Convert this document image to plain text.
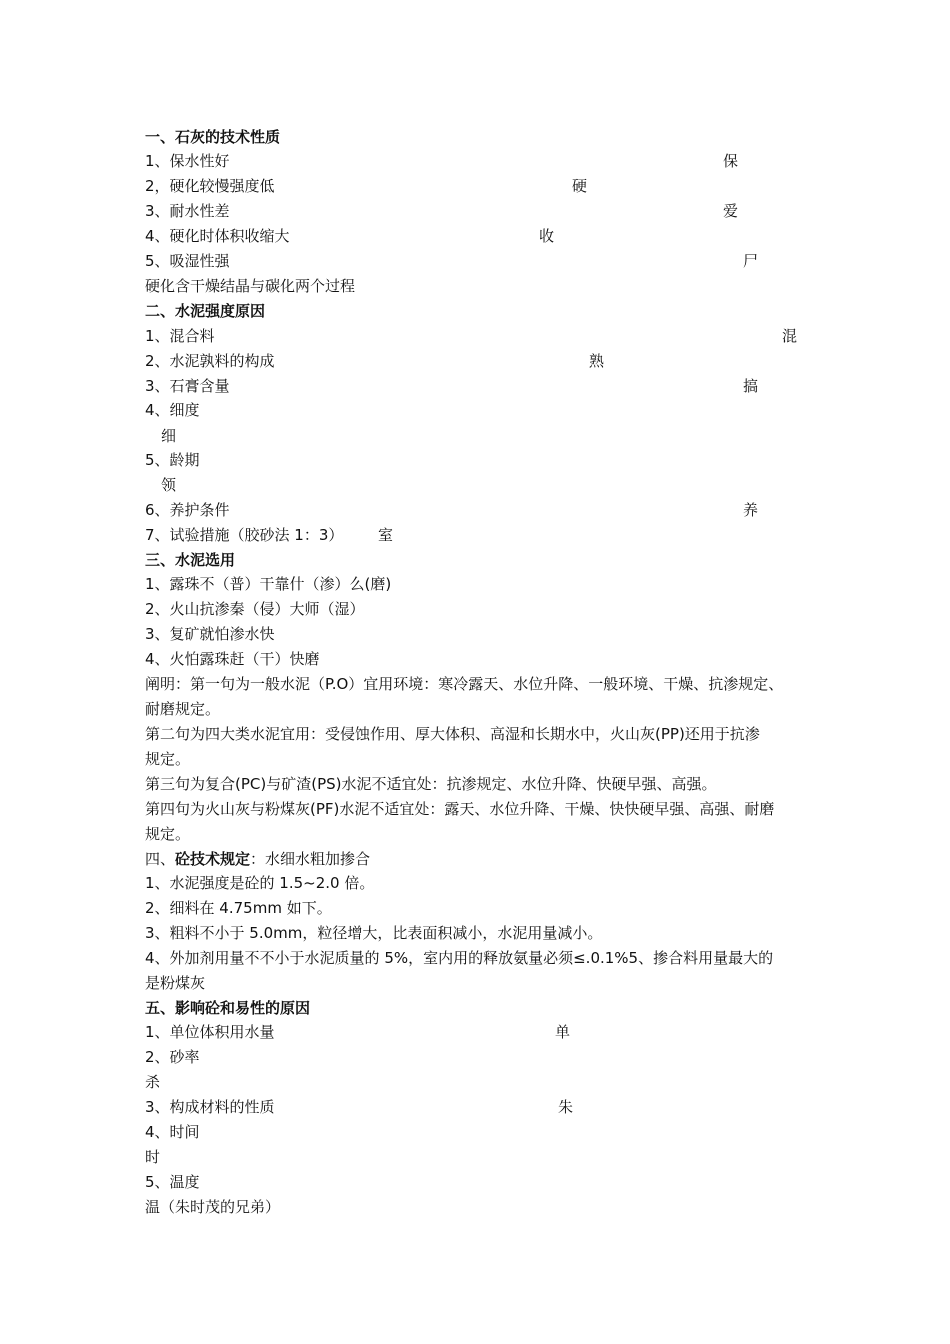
一、石灰的技术性质
1、保水性好	保
2，硬化较慢强度低	硬
3、耐水性差	爱
4、硬化时体积收缩大	收
5、吸湿性强	尸
硬化含干燥结晶与碳化两个过程
二、水泥强度原因
1、混合料	混
2、水泥孰料的构成	熟
3、石膏含量	搞
4、细度
细
5、龄期
领
6、养护条件	养
7、试验措施（胶砂法 1：3） 室
三、水泥选用
1、露珠不（普）干靠什（渗）么(磨)
2、火山抗渗秦（侵）大师（湿）
3、复矿就怕渗水快
4、火怕露珠赶（干）快磨
阐明：第一句为一般水泥（P.O）宜用环境：寒冷露天、水位升降、一般环境、干燥、抗渗规定、
耐磨规定。
第二句为四大类水泥宜用：受侵蚀作用、厚大体积、高湿和长期水中，火山灰(PP)还用于抗渗
规定。
第三句为复合(PC)与矿渣(PS)水泥不适宜处：抗渗规定、水位升降、快硬早强、高强。
第四句为火山灰与粉煤灰(PF)水泥不适宜处：露天、水位升降、干燥、快快硬早强、高强、耐磨
规定。
四、砼技术规定：水细水粗加掺合
1、水泥强度是砼的 1.5~2.0 倍。
2、细料在 4.75mm 如下。
3、粗料不小于 5.0mm，粒径增大，比表面积减小，水泥用量减小。
4、外加剂用量不不小于水泥质量的 5%，室内用的释放氨量必须≤.0.1%5、掺合料用量最大的
是粉煤灰
五、影响砼和易性的原因
1、单位体积用水量	单
2、砂率
杀
3、构成材料的性质	朱
4、时间
时
5、温度
温（朱时茂的兄弟）
